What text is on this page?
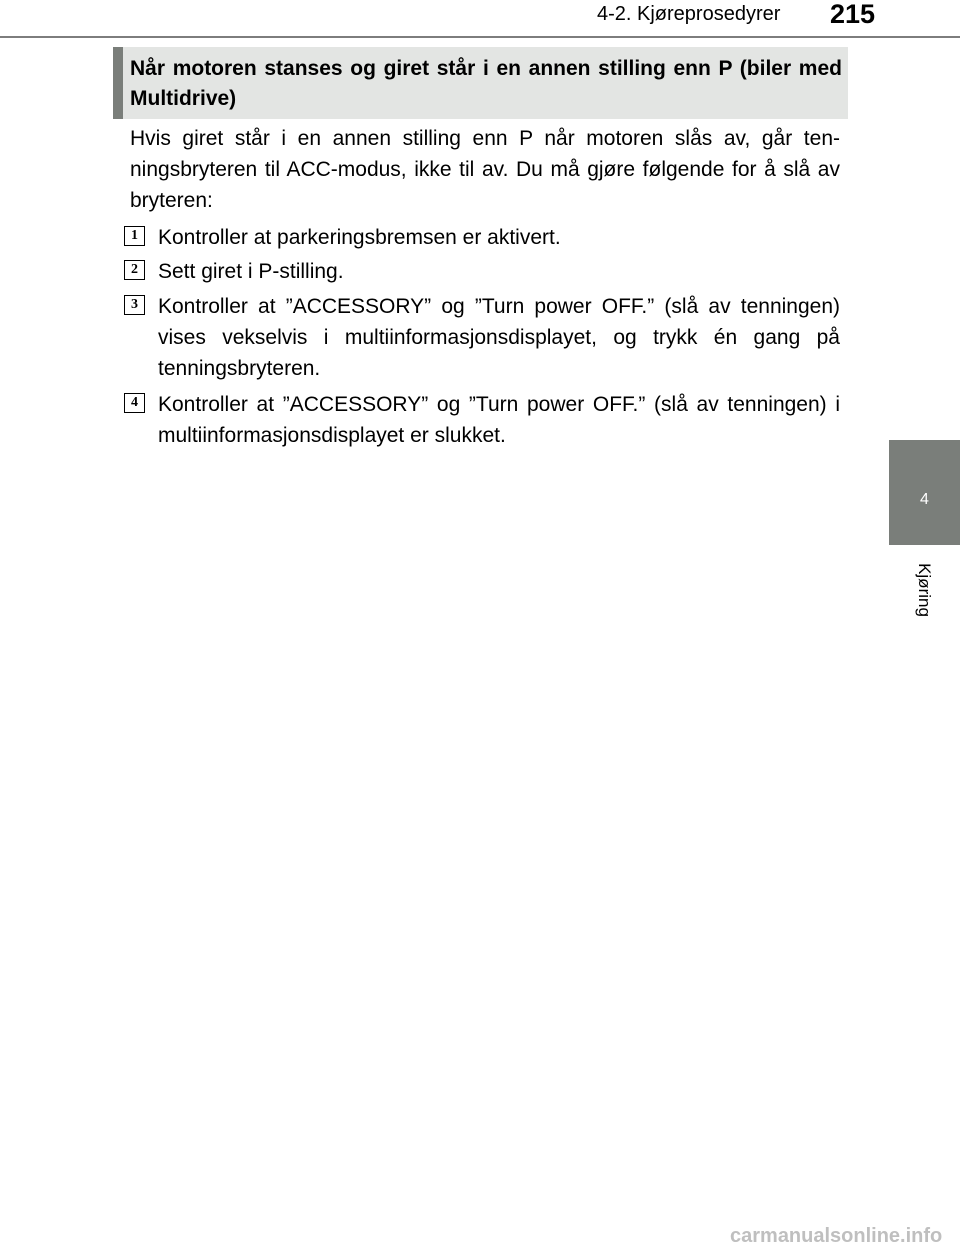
4-2. Kjøreprosedyrer 215
4
Kjøring
Når motoren stanses og giret står i en annen stilling enn P (biler med Multidrive)
Hvis giret står i en annen stilling enn P når motoren slås av, går tenningsbryteren til ACC-modus, ikke til av. Du må gjøre følgende for å slå av bryteren:
1 Kontroller at parkeringsbremsen er aktivert.
2 Sett giret i P-stilling.
3 Kontroller at ”ACCESSORY” og ”Turn power OFF.” (slå av tenningen) vises vekselvis i multiinformasjonsdisplayet, og trykk én gang på tenningsbryteren.
4 Kontroller at ”ACCESSORY” og ”Turn power OFF.” (slå av tenningen) i multiinformasjonsdisplayet er slukket.
carmanualsonline.info
